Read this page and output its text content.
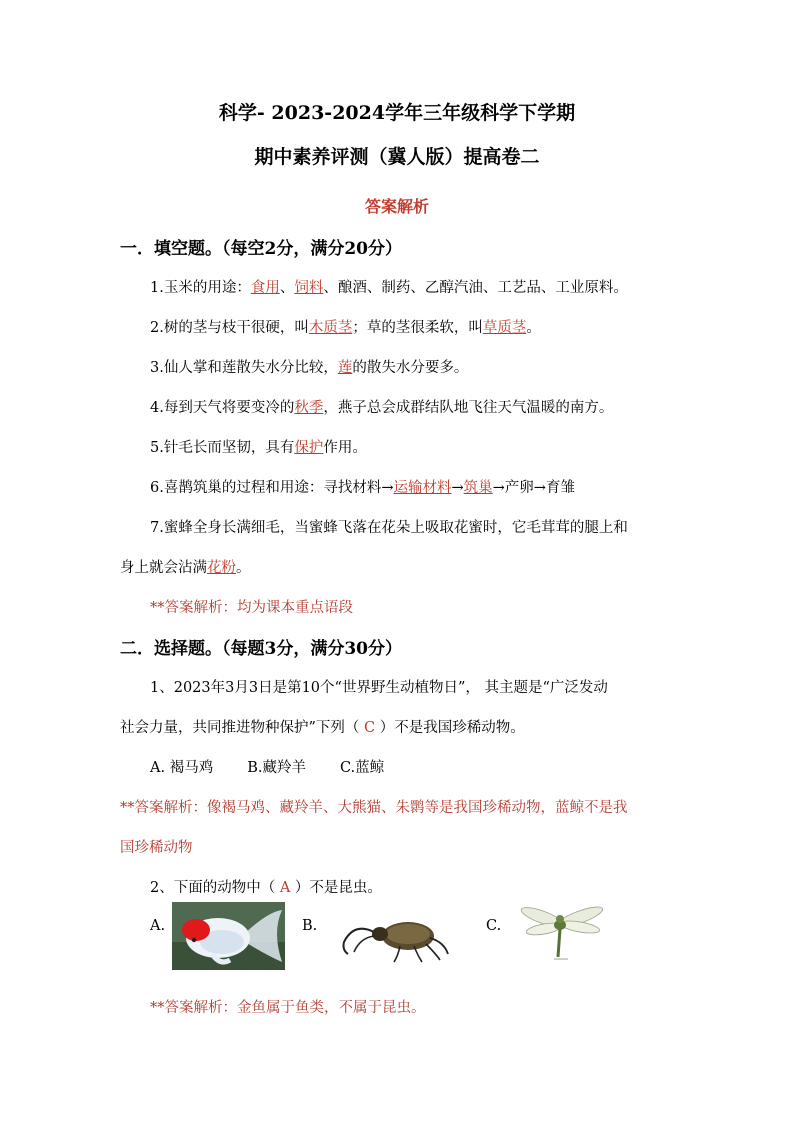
科学- 2023-2024学年三年级科学下学期
期中素养评测（冀人版）提高卷二
答案解析
一．填空题。（每空2分，满分20分）
1.玉米的用途：食用、饲料、酿酒、制药、乙醇汽油、工艺品、工业原料。
2.树的茎与枝干很硬，叫木质茎；草的茎很柔软，叫草质茎。
3.仙人掌和莲散失水分比较，莲的散失水分要多。
4.每到天气将要变冷的秋季，燕子总会成群结队地飞往天气温暖的南方。
5.针毛长而坚韧，具有保护作用。
6.喜鹊筑巢的过程和用途：寻找材料→运输材料→筑巢→产卵→育雏
7.蜜蜂全身长满细毛，当蜜蜂飞落在花朵上吸取花蜜时，它毛茸茸的腿上和
身上就会沾满花粉。
**答案解析：均为课本重点语段
二．选择题。（每题3分，满分30分）
1、2023年3月3日是第10个“世界野生动植物日”， 其主题是“广泛发动
社会力量，共同推进物种保护”下列（ C ）不是我国珍稀动物。
A. 褐马鸡 B.藏羚羊 C.蓝鲸
**答案解析：像褐马鸡、藏羚羊、大熊猫、朱鹮等是我国珍稀动物，蓝鲸不是我
国珍稀动物
2、下面的动物中（ A ）不是昆虫。
A.	B.	C.
**答案解析：金鱼属于鱼类，不属于昆虫。
